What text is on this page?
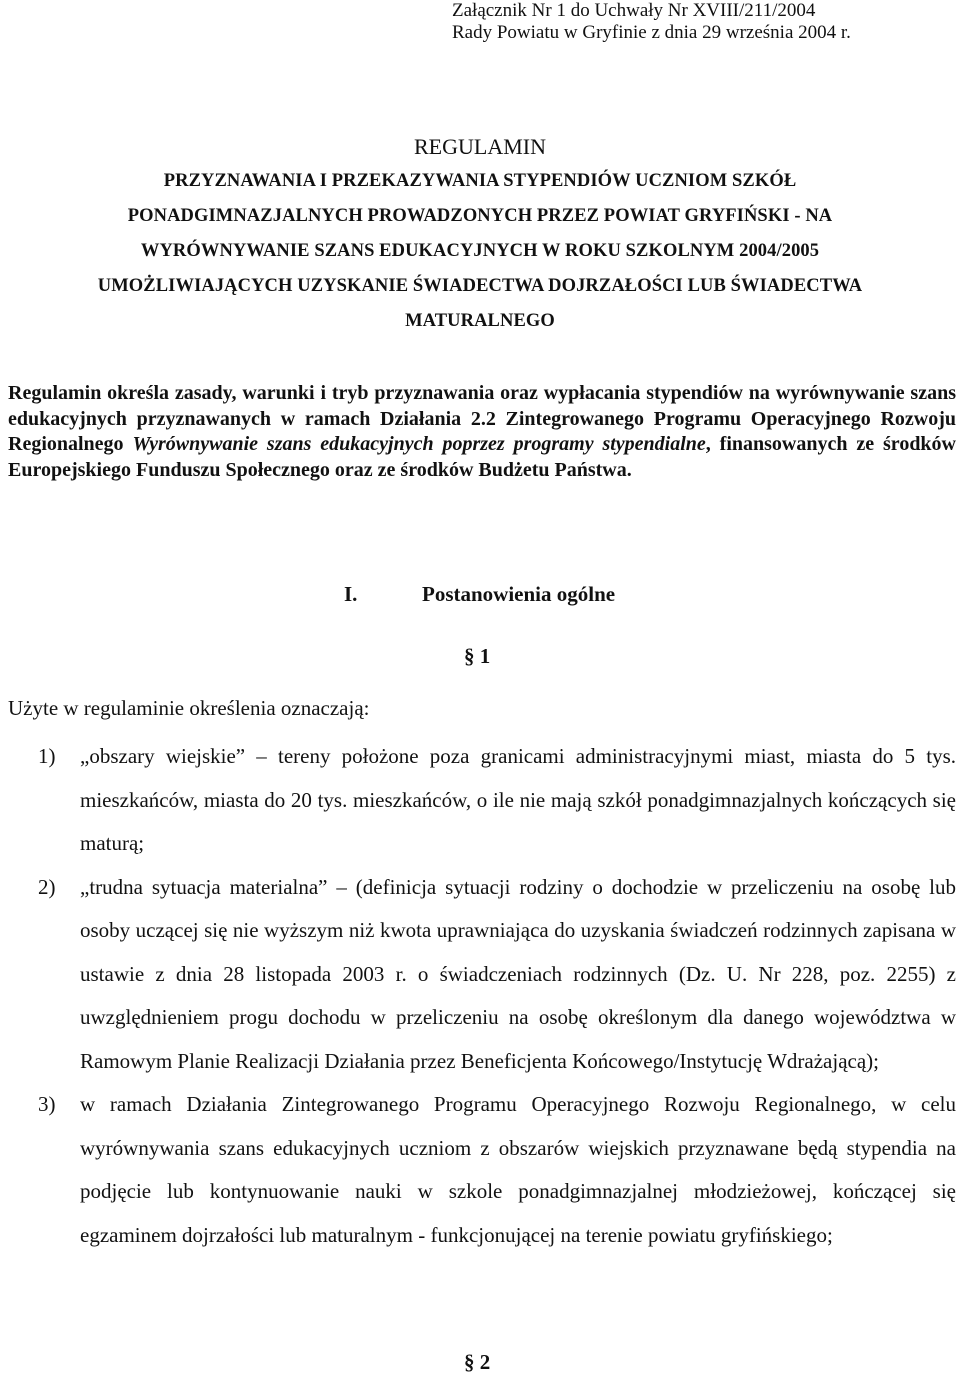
Załącznik Nr 1 do Uchwały Nr XVIII/211/2004
Rady Powiatu w Gryfinie z dnia 29 września 2004 r.
REGULAMIN
PRZYZNAWANIA I PRZEKAZYWANIA STYPENDIÓW UCZNIOM SZKÓŁ
PONADGIMNAZJALNYCH PROWADZONYCH PRZEZ POWIAT GRYFIŃSKI - NA
WYRÓWNYWANIE SZANS EDUKACYJNYCH W ROKU SZKOLNYM 2004/2005
UMOŻLIWIAJĄCYCH UZYSKANIE ŚWIADECTWA DOJRZAŁOŚCI LUB ŚWIADECTWA
MATURALNEGO
Regulamin określa zasady, warunki i tryb przyznawania oraz wypłacania stypendiów na wyrównywanie szans edukacyjnych przyznawanych w ramach Działania 2.2 Zintegrowanego Programu Operacyjnego Rozwoju Regionalnego Wyrównywanie szans edukacyjnych poprzez programy stypendialne, finansowanych ze środków Europejskiego Funduszu Społecznego oraz ze środków Budżetu Państwa.
I.	Postanowienia ogólne
§ 1
Użyte w regulaminie określenia oznaczają:
1) „obszary wiejskie” – tereny położone poza granicami administracyjnymi miast, miasta do 5 tys. mieszkańców, miasta do 20 tys. mieszkańców, o ile nie mają szkół ponadgimnazjalnych kończących się maturą;
2) „trudna sytuacja materialna” – (definicja sytuacji rodziny o dochodzie w przeliczeniu na osobę lub osoby uczącej się nie wyższym niż kwota uprawniająca do uzyskania świadczeń rodzinnych zapisana w ustawie z dnia 28 listopada 2003 r. o świadczeniach rodzinnych (Dz. U. Nr 228, poz. 2255) z uwzględnieniem progu dochodu w przeliczeniu na osobę określonym dla danego województwa w Ramowym Planie Realizacji Działania przez Beneficjenta Końcowego/Instytucję Wdrażającą);
3) w ramach Działania Zintegrowanego Programu Operacyjnego Rozwoju Regionalnego, w celu wyrównywania szans edukacyjnych uczniom z obszarów wiejskich przyznawane będą stypendia na podjęcie lub kontynuowanie nauki w szkole ponadgimnazjalnej młodzieżowej, kończącej się egzaminem dojrzałości lub maturalnym - funkcjonującej na terenie powiatu gryfińskiego;
§ 2
